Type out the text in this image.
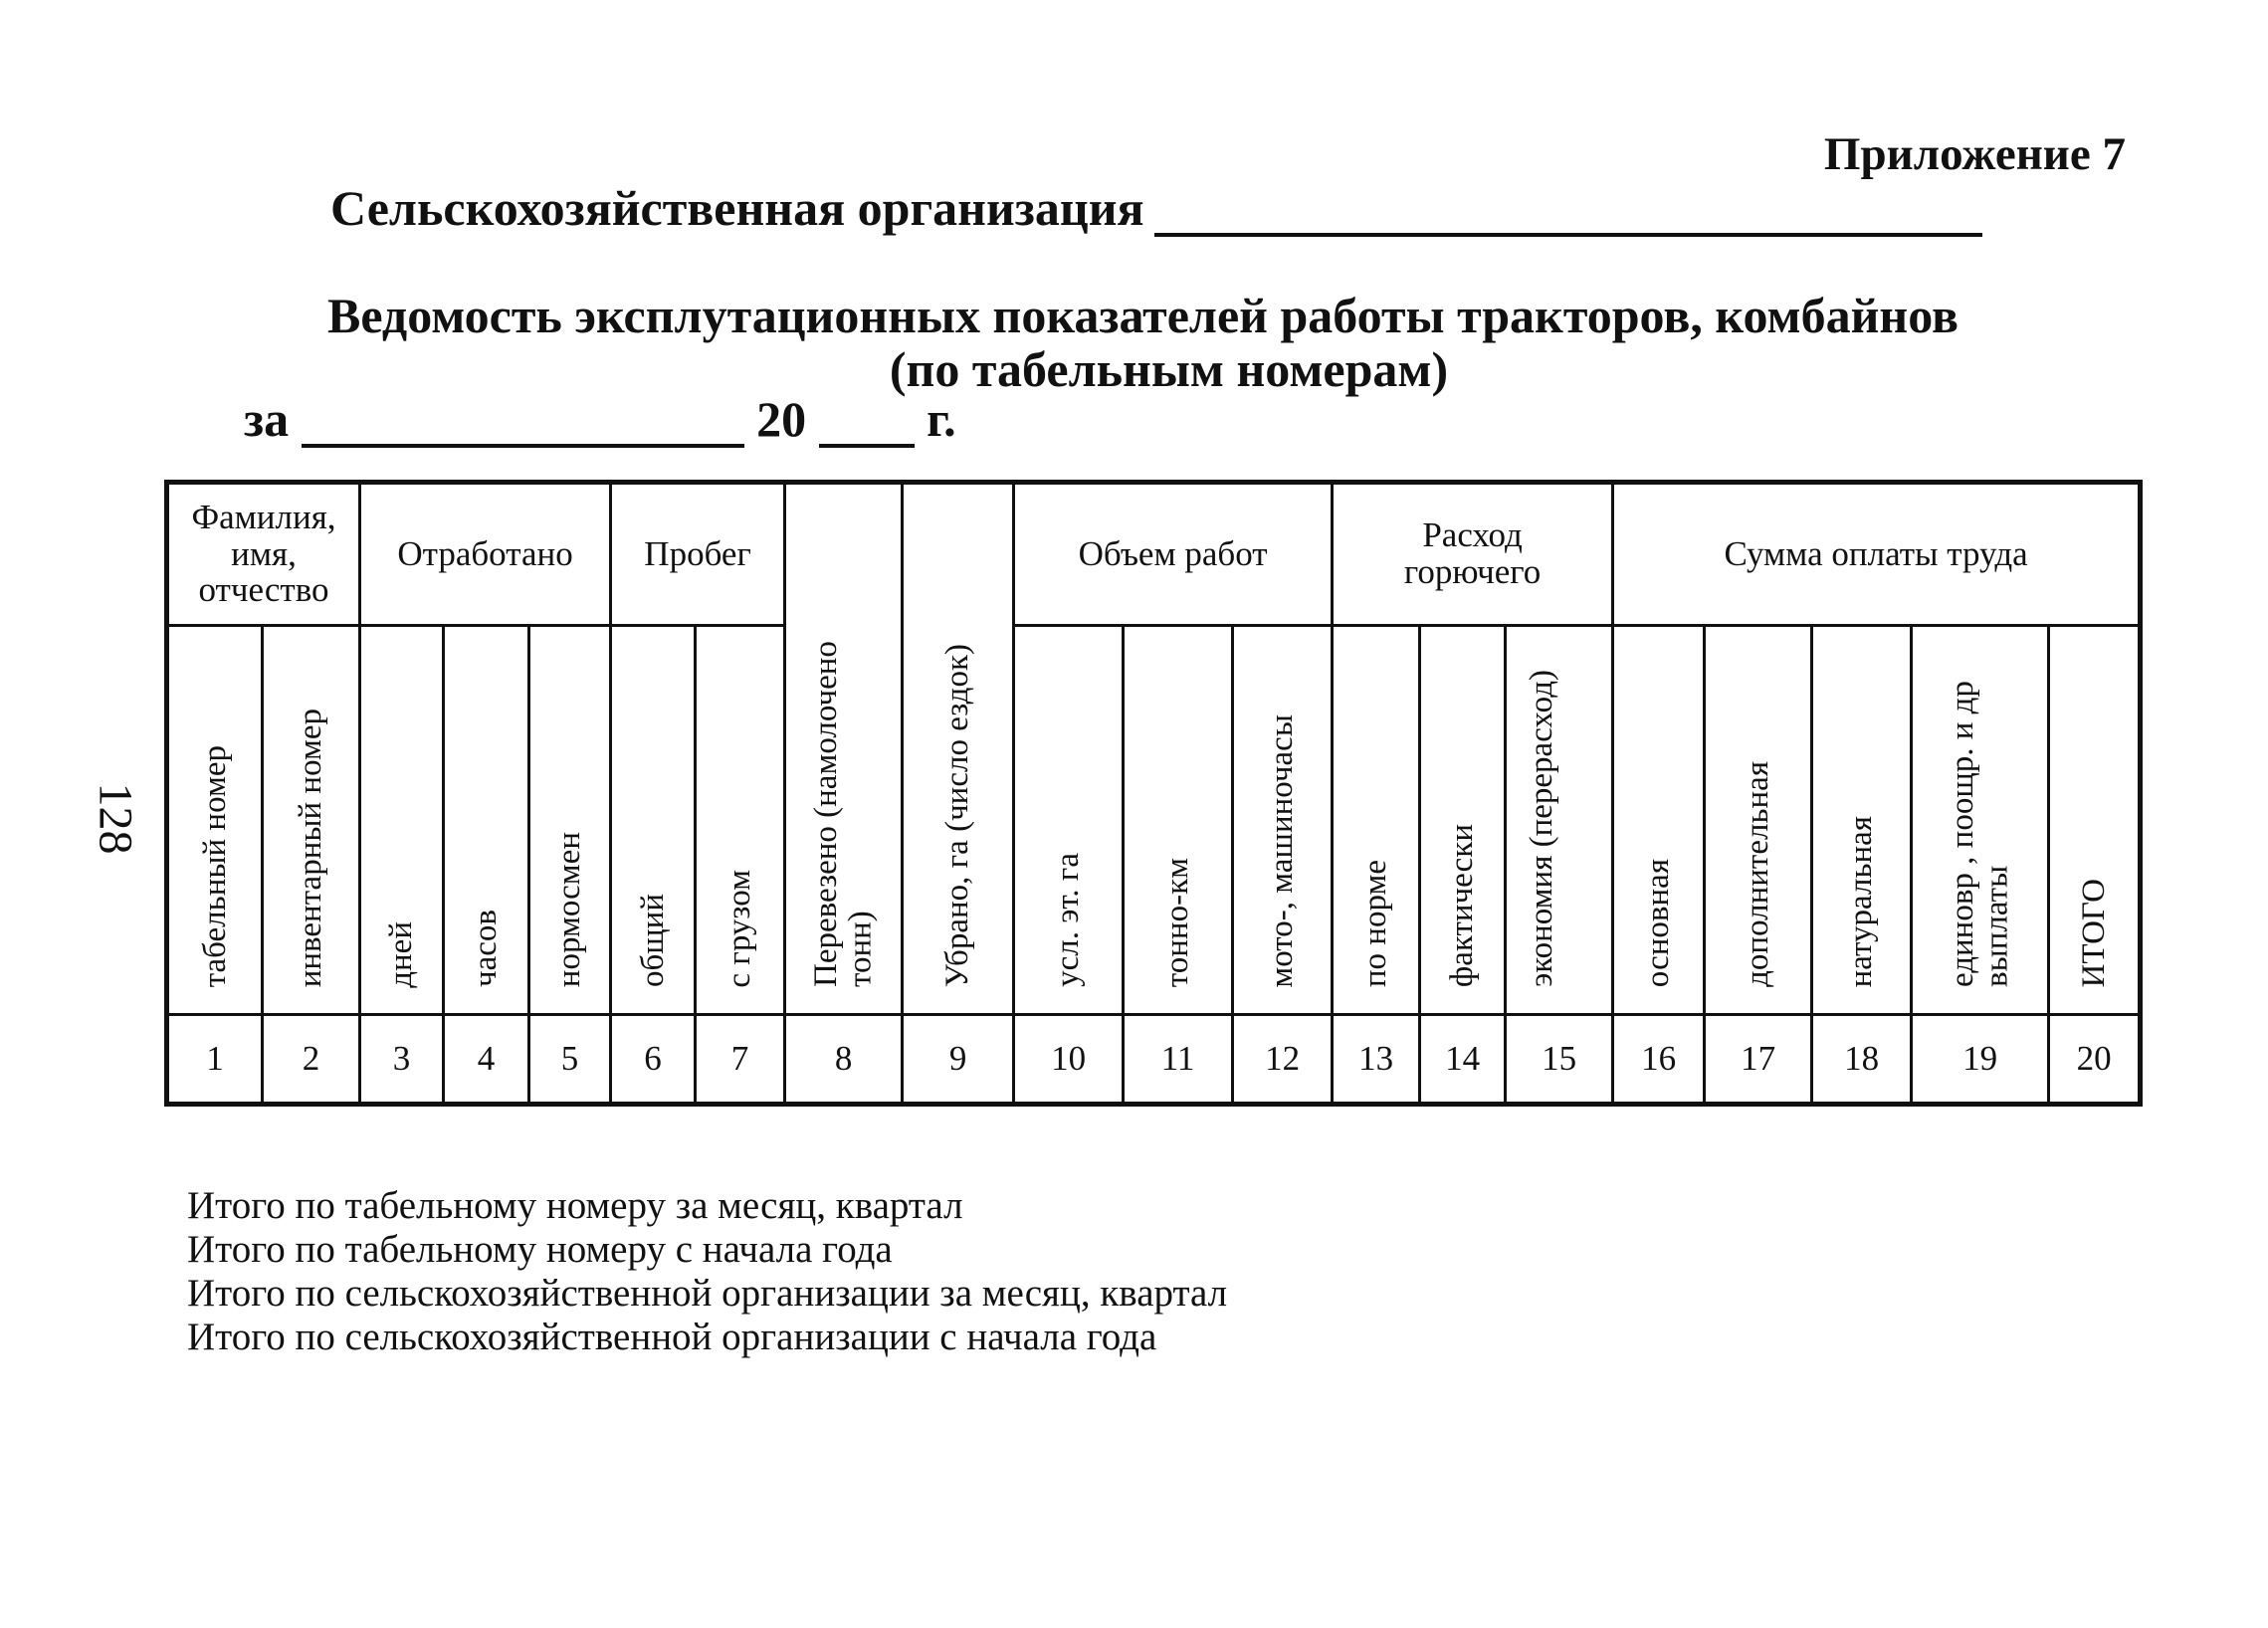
Приложение 7
Сельскохозяйственная организация
Ведомость эксплутационных показателей работы тракторов, комбайнов
(по табельным номерам)
за	20 г.
128
Фамилия, имя, отчество		Отработано			Пробег		Перевезено (намолочено тонн)	Убрано, га (число ездок)	Объем работ			Расход горючего			Сумма оплаты труда				
табельный номер	инвентарный номер	дней	часов	нормосмен	общий	с грузом			усл. эт. га	тонно-км	мото-, машиночасы	по норме	фактически	экономия (перерасход)	основная	дополнительная	натуральная	единовр , поощр. и др выплаты	ИТОГО
1	2	3	4	5	6	7	8	9	10	11	12	13	14	15	16	17	18	19	20
Итого по табельному номеру за месяц, квартал
Итого по табельному номеру с начала года
Итого по сельскохозяйственной организации за месяц, квартал
Итого по сельскохозяйственной организации с начала года
